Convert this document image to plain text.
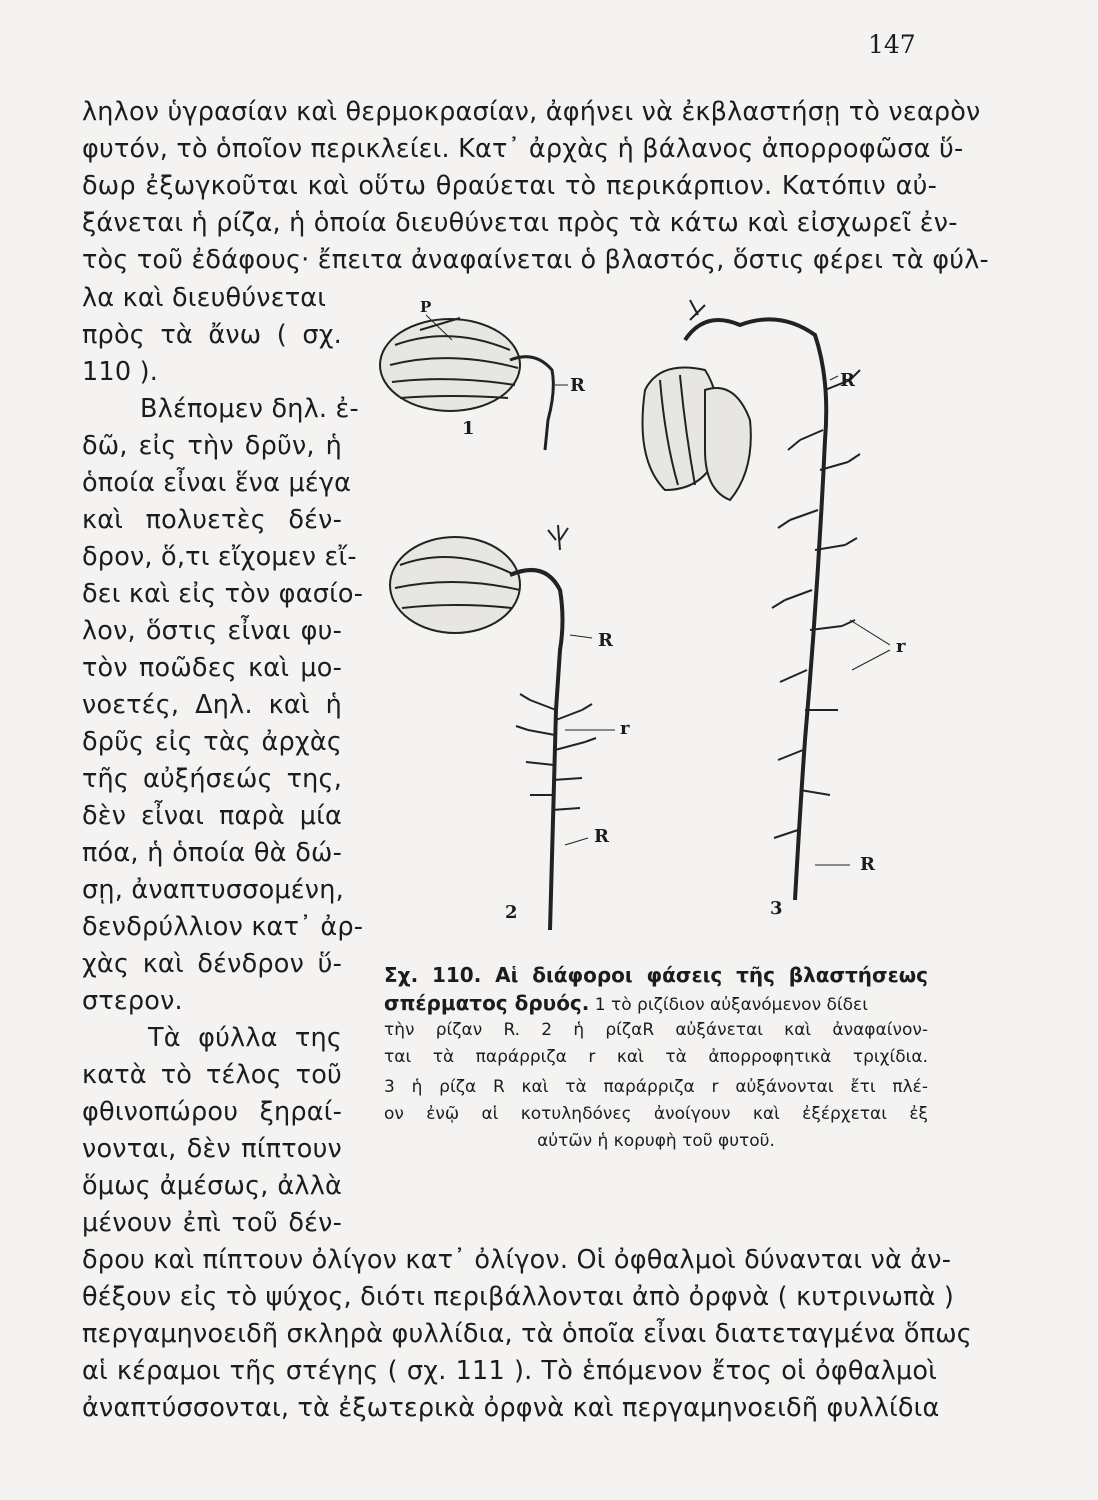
147
ληλον ὑγρασίαν καὶ θερμοκρασίαν, ἀφήνει νὰ ἐκβλαστήσῃ τὸ νεαρὸν
φυτόν, τὸ ὁποῖον περικλείει. Κατ᾽ ἀρχὰς ἡ βάλανος ἀπορροφῶσα ὕ-
δωρ ἐξωγκοῦται καὶ οὕτω θραύεται τὸ περικάρπιον. Κατόπιν αὐ-
ξάνεται ἡ ρίζα, ἡ ὁποία διευθύνεται πρὸς τὰ κάτω καὶ εἰσχωρεῖ ἐν-
τὸς τοῦ ἐδάφους· ἔπειτα ἀναφαίνεται ὁ βλαστός, ὅστις φέρει τὰ φύλ-
λα καὶ διευθύνεται
πρὸς τὰ ἄνω ( σχ.
110 ).
Βλέπομεν δηλ. ἐ-
δῶ, εἰς τὴν δρῦν, ἡ
ὁποία εἶναι ἕνα μέγα
καὶ πολυετὲς δέν-
δρον, ὅ,τι εἴχομεν εἴ-
δει καὶ εἰς τὸν φασίο-
λον, ὅστις εἶναι φυ-
τὸν ποῶδες καὶ μο-
νοετές, Δηλ. καὶ ἡ
δρῦς εἰς τὰς ἀρχὰς
τῆς αὐξήσεώς της,
δὲν εἶναι παρὰ μία
πόα, ἡ ὁποία θὰ δώ-
σῃ, ἀναπτυσσομένη,
δενδρύλλιον κατ᾽ ἀρ-
χὰς καὶ δένδρον ὕ-
στερον.
Τὰ φύλλα της
κατὰ τὸ τέλος τοῦ
φθινοπώρου ξηραί-
νονται, δὲν πίπτουν
ὅμως ἀμέσως, ἀλλὰ
μένουν ἐπὶ τοῦ δέν-
δρου καὶ πίπτουν ὀλίγον κατ᾽ ὀλίγον. Οἱ ὀφθαλμοὶ δύνανται νὰ ἀν-
θέξουν εἰς τὸ ψύχος, διότι περιβάλλονται ἀπὸ ὀρφνὰ ( κυτρινωπὰ )
περγαμηνοειδῆ σκληρὰ φυλλίδια, τὰ ὁποῖα εἶναι διατεταγμένα ὅπως
αἱ κέραμοι τῆς στέγης ( σχ. 111 ). Τὸ ἑπόμενον ἔτος οἱ ὀφθαλμοὶ
ἀναπτύσσονται, τὰ ἐξωτερικὰ ὀρφνὰ καὶ περγαμηνοειδῆ φυλλίδια
P
R
1
R
r
R
2
R
r
R
3
Σχ. 110. Αἱ διάφοροι φάσεις τῆς βλαστήσεως
σπέρματος δρυός. 1 τὸ ριζίδιον αὐξανόμενον δίδει
τὴν ρίζαν R. 2 ἡ ρίζαR αὐξάνεται καὶ ἀναφαίνον-
ται τὰ παράρριζα r καὶ τὰ ἀπορροφητικὰ τριχίδια.
3 ἡ ρίζα R καὶ τὰ παράρριζα r αὐξάνονται ἔτι πλέ-
ον ἐνῷ αἱ κοτυληδόνες ἀνοίγουν καὶ ἐξέρχεται ἐξ
αὐτῶν ἡ κορυφὴ τοῦ φυτοῦ.
